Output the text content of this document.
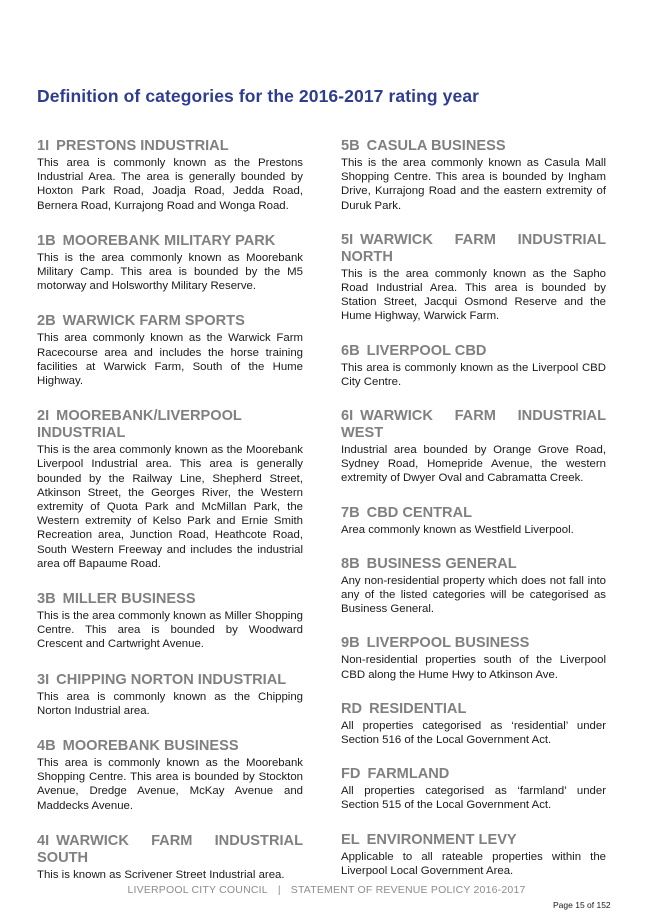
Definition of categories for the 2016-2017 rating year
1I PRESTONS INDUSTRIAL

This area is commonly known as the Prestons Industrial Area. The area is generally bounded by Hoxton Park Road, Joadja Road, Jedda Road, Bernera Road, Kurrajong Road and Wonga Road.

1B MOOREBANK MILITARY PARK

This is the area commonly known as Moorebank Military Camp. This area is bounded by the M5 motorway and Holsworthy Military Reserve.

2B WARWICK FARM SPORTS

This area commonly known as the Warwick Farm Racecourse area and includes the horse training facilities at Warwick Farm, South of the Hume Highway.

2I MOOREBANK/LIVERPOOL INDUSTRIAL

This is the area commonly known as the Moorebank Liverpool Industrial area. This area is generally bounded by the Railway Line, Shepherd Street, Atkinson Street, the Georges River, the Western extremity of Quota Park and McMillan Park, the Western extremity of Kelso Park and Ernie Smith Recreation area, Junction Road, Heathcote Road, South Western Freeway and includes the industrial area off Bapaume Road.

3B MILLER BUSINESS

This is the area commonly known as Miller Shopping Centre. This area is bounded by Woodward Crescent and Cartwright Avenue.

3I CHIPPING NORTON INDUSTRIAL

This area is commonly known as the Chipping Norton Industrial area.

4B MOOREBANK BUSINESS

This area is commonly known as the Moorebank Shopping Centre. This area is bounded by Stockton Avenue, Dredge Avenue, McKay Avenue and Maddecks Avenue.

4I WARWICK FARM INDUSTRIAL SOUTH

This is known as Scrivener Street Industrial area.

5B CASULA BUSINESS

This is the area commonly known as Casula Mall Shopping Centre. This area is bounded by Ingham Drive, Kurrajong Road and the eastern extremity of Duruk Park.

5I WARWICK FARM INDUSTRIAL NORTH

This is the area commonly known as the Sapho Road Industrial Area. This area is bounded by Station Street, Jacqui Osmond Reserve and the Hume Highway, Warwick Farm.

6B LIVERPOOL CBD

This area is commonly known as the Liverpool CBD City Centre.

6I WARWICK FARM INDUSTRIAL WEST

Industrial area bounded by Orange Grove Road, Sydney Road, Homepride Avenue, the western extremity of Dwyer Oval and Cabramatta Creek.

7B CBD CENTRAL

Area commonly known as Westfield Liverpool.

8B BUSINESS GENERAL

Any non-residential property which does not fall into any of the listed categories will be categorised as Business General.

9B LIVERPOOL BUSINESS

Non-residential properties south of the Liverpool CBD along the Hume Hwy to Atkinson Ave.

RD RESIDENTIAL

All properties categorised as ‘residential’ under Section 516 of the Local Government Act.

FD FARMLAND

All properties categorised as ‘farmland’ under Section 515 of the Local Government Act.

EL ENVIRONMENT LEVY

Applicable to all rateable properties within the Liverpool Local Government Area.

LIVERPOOL CITY COUNCIL | STATEMENT OF REVENUE POLICY 2016-2017
Page 15 of 152
